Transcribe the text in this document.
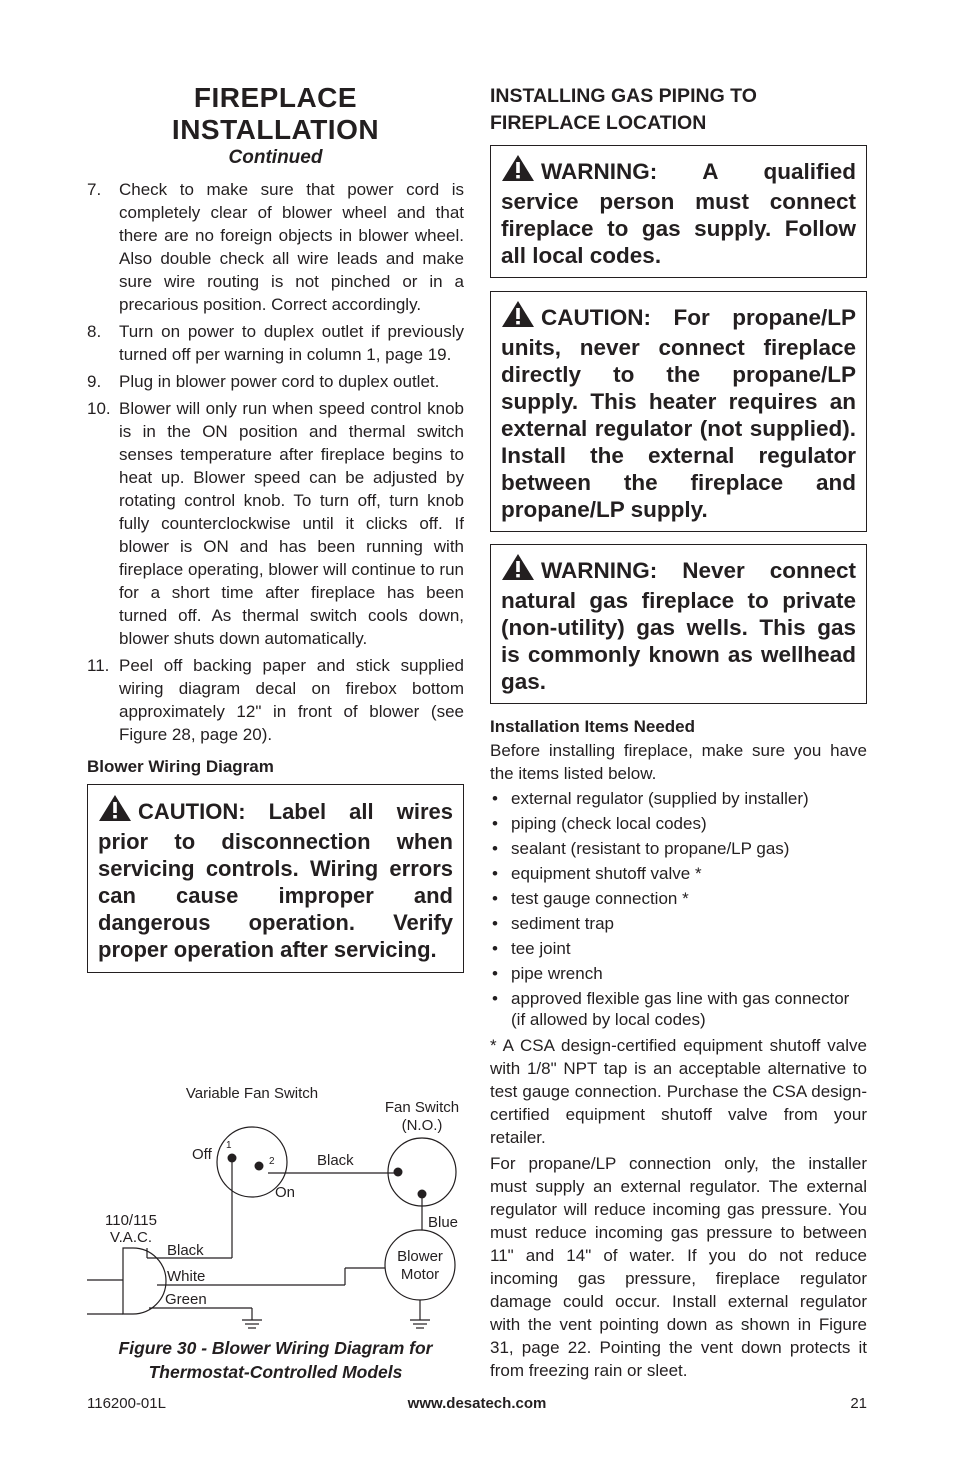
FIREPLACE
INSTALLATION
Continued
7. Check to make sure that power cord is completely clear of blower wheel and that there are no foreign objects in blower wheel. Also double check all wire leads and make sure wire routing is not pinched or in a precarious position. Correct accordingly.
8. Turn on power to duplex outlet if previously turned off per warning in column 1, page 19.
9. Plug in blower power cord to duplex outlet.
10. Blower will only run when speed control knob is in the ON position and thermal switch senses temperature after fireplace begins to heat up. Blower speed can be adjusted by rotating control knob. To turn off, turn knob fully counterclockwise until it clicks off. If blower is ON and has been running with fireplace operating, blower will continue to run for a short time after fireplace has been turned off. As thermal switch cools down, blower shuts down automatically.
11. Peel off backing paper and stick supplied wiring diagram decal on firebox bottom approximately 12" in front of blower (see Figure 28, page 20).
Blower Wiring Diagram
CAUTION: Label all wires prior to disconnection when servicing controls. Wiring errors can cause improper and dangerous operation. Verify proper operation after servicing.
Variable Fan Switch
Fan Switch
(N.O.)
Off
On
1
2	Black
110/115
V.A.C.
Black
White
Green
Blue
Blower
Motor
Figure 30 - Blower Wiring Diagram for
Thermostat-Controlled Models
INSTALLING GAS PIPING TO
FIREPLACE LOCATION
WARNING: A qualified service person must connect fireplace to gas supply. Follow all local codes.
CAUTION: For propane/LP units, never connect fireplace directly to the propane/LP supply. This heater requires an external regulator (not supplied). Install the external regulator between the fireplace and propane/LP supply.
WARNING: Never connect natural gas fireplace to private (non-utility) gas wells. This gas is commonly known as wellhead gas.
Installation Items Needed

Before installing fireplace, make sure you have the items listed below.

• external regulator (supplied by installer)
• piping (check local codes)
• sealant (resistant to propane/LP gas)
• equipment shutoff valve *
• test gauge connection *
• sediment trap
• tee joint
• pipe wrench
• approved flexible gas line with gas connector (if allowed by local codes)

* A CSA design-certified equipment shutoff valve with 1/8" NPT tap is an acceptable alternative to test gauge connection. Purchase the CSA design-certified equipment shutoff valve from your retailer.

For propane/LP connection only, the installer must supply an external regulator. The external regulator will reduce incoming gas pressure. You must reduce incoming gas pressure to between 11" and 14" of water. If you do not reduce incoming gas pressure, fireplace regulator damage could occur. Install external regulator with the vent pointing down as shown in Figure 31, page 22. Pointing the vent down protects it from freezing rain or sleet.

116200-01L	www.desatech.com	21
